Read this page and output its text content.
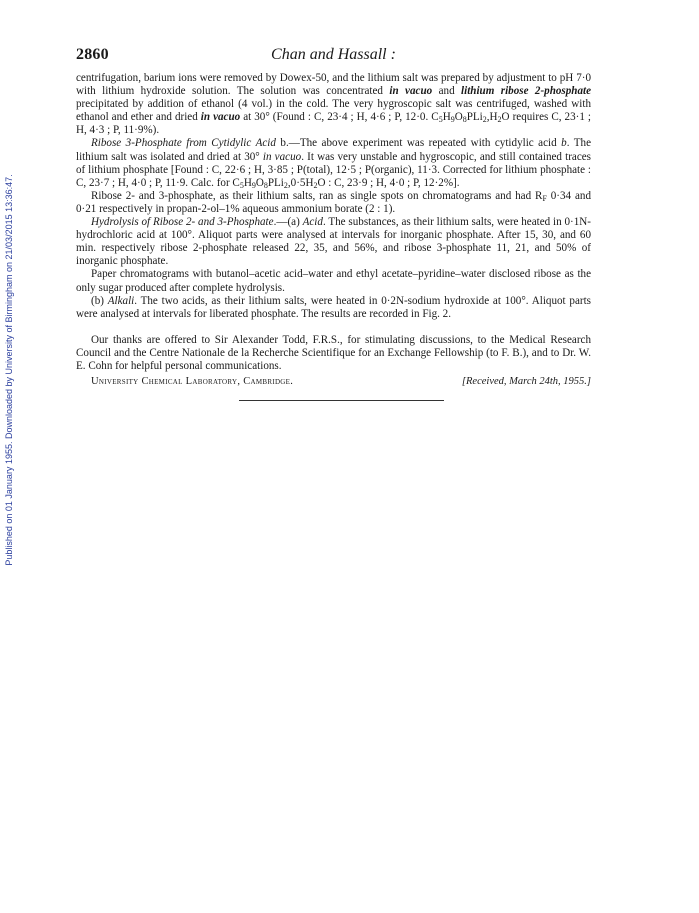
Published on 01 January 1955. Downloaded by University of Birmingham on 21/03/2015 13:36:47.
2860	Chan and Hassall :

centrifugation, barium ions were removed by Dowex-50, and the lithium salt was prepared by adjustment to pH 7·0 with lithium hydroxide solution. The solution was concentrated in vacuo and lithium ribose 2-phosphate precipitated by addition of ethanol (4 vol.) in the cold. The very hygroscopic salt was centrifuged, washed with ethanol and ether and dried in vacuo at 30° (Found : C, 23·4 ; H, 4·6 ; P, 12·0. $C_5H_9O_8PLi_2,H_2O$ requires C, 23·1 ; H, 4·3 ; P, 11·9%).

Ribose 3-Phosphate from Cytidylic Acid b.—The above experiment was repeated with cytidylic acid b. The lithium salt was isolated and dried at 30° in vacuo. It was very unstable and hygroscopic, and still contained traces of lithium phosphate [Found : C, 22·6 ; H, 3·85 ; P(total), 12·5 ; P(organic), 11·3. Corrected for lithium phosphate : C, 23·7 ; H, 4·0 ; P, 11·9. Calc. for $C_5H_9O_8PLi_2,0\cdot 5H_2O$ : C, 23·9 ; H, 4·0 ; P, 12·2%].

Ribose 2- and 3-phosphate, as their lithium salts, ran as single spots on chromatograms and had $R_F$ 0·34 and 0·21 respectively in propan-2-ol–1% aqueous ammonium borate (2 : 1).

Hydrolysis of Ribose 2- and 3-Phosphate.—(a) Acid. The substances, as their lithium salts, were heated in 0·1N-hydrochloric acid at 100°. Aliquot parts were analysed at intervals for inorganic phosphate. After 15, 30, and 60 min. respectively ribose 2-phosphate released 22, 35, and 56%, and ribose 3-phosphate 11, 21, and 50% of inorganic phosphate.

Paper chromatograms with butanol–acetic acid–water and ethyl acetate–pyridine–water disclosed ribose as the only sugar produced after complete hydrolysis.

(b) Alkali. The two acids, as their lithium salts, were heated in 0·2N-sodium hydroxide at 100°. Aliquot parts were analysed at intervals for liberated phosphate. The results are recorded in Fig. 2.

Our thanks are offered to Sir Alexander Todd, F.R.S., for stimulating discussions, to the Medical Research Council and the Centre Nationale de la Recherche Scientifique for an Exchange Fellowship (to F. B.), and to Dr. W. E. Cohn for helpful personal communications.

University Chemical Laboratory, Cambridge.	[Received, March 24th, 1955.]
